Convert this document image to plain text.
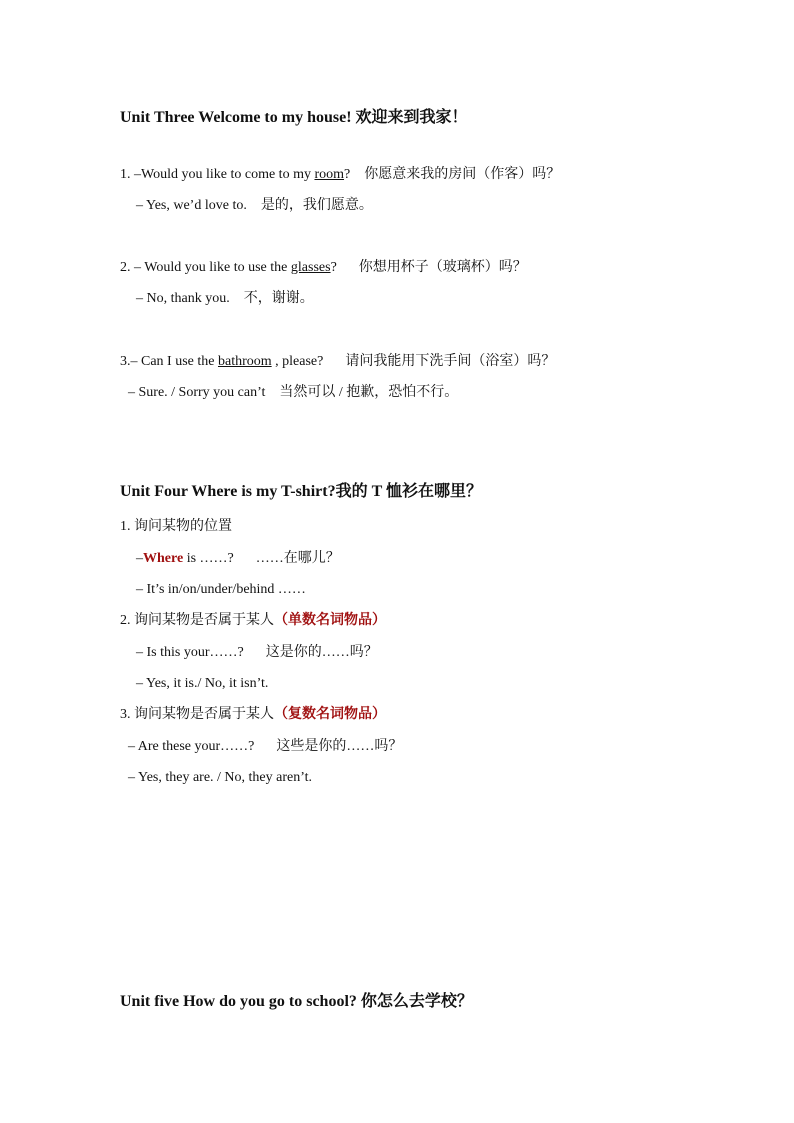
Unit Three Welcome to my house! 欢迎来到我家！
1. –Would you like to come to my room? 你愿意来我的房间（作客）吗？
– Yes, we’d love to. 是的，我们愿意。
2. – Would you like to use the glasses? 你想用杯子（玻璃杯）吗？
– No, thank you. 不，谢谢。
3.– Can I use the bathroom , please? 请问我能用下洗手间（浴室）吗？
– Sure. / Sorry you can’t 当然可以 / 抱歉，恐怕不行。
Unit Four Where is my T-shirt?我的 T 恤衫在哪里？
1. 询问某物的位置
–Where is ……? ……在哪儿？
– It’s in/on/under/behind ……
2. 询问某物是否属于某人（单数名词物品）
– Is this your……? 这是你的……吗？
– Yes, it is./ No, it isn’t.
3. 询问某物是否属于某人（复数名词物品）
– Are these your……? 这些是你的……吗？
– Yes, they are. / No, they aren’t.
Unit five How do you go to school? 你怎么去学校？
